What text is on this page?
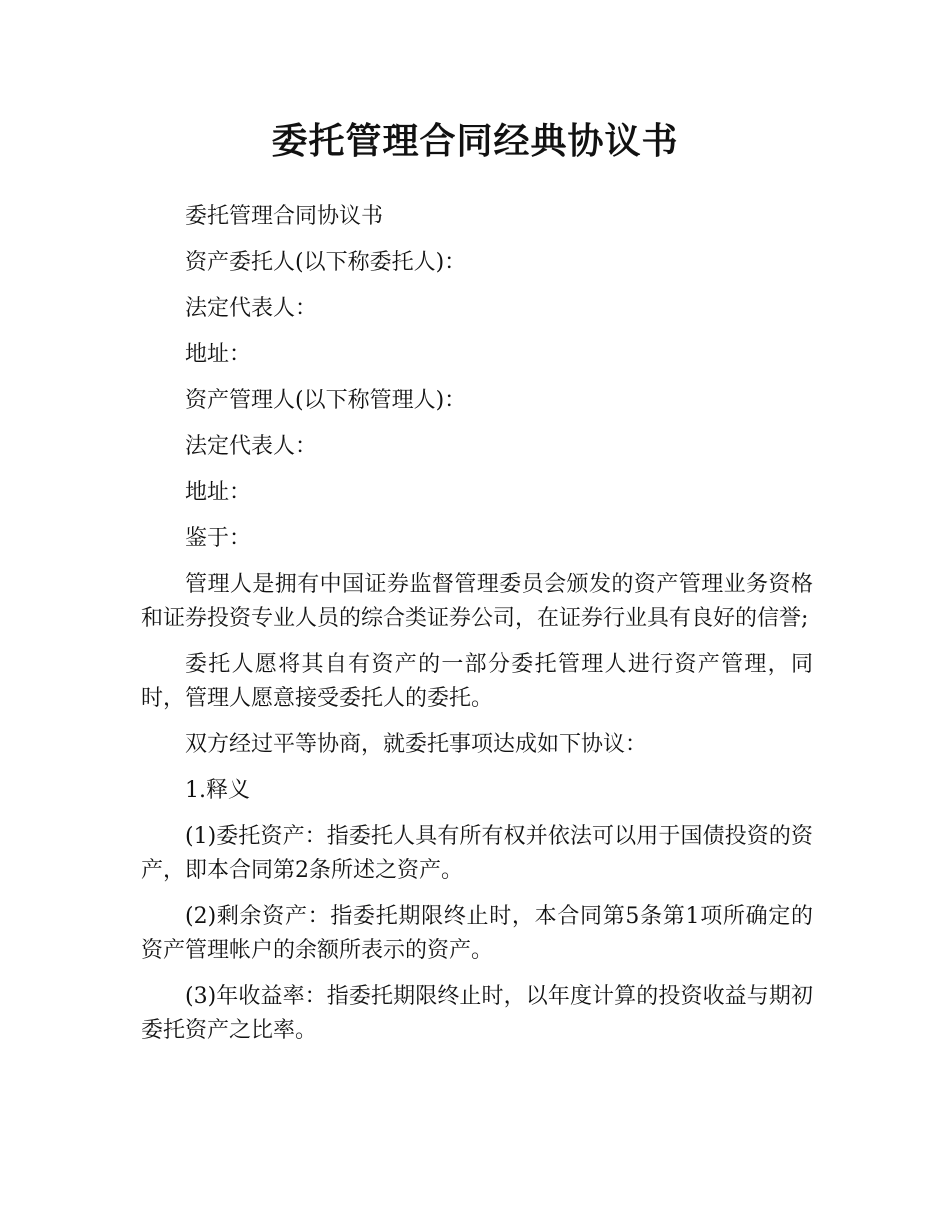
委托管理合同经典协议书

委托管理合同协议书

资产委托人(以下称委托人)：

法定代表人：

地址：

资产管理人(以下称管理人)：

法定代表人：

地址：

鉴于：

管理人是拥有中国证券监督管理委员会颁发的资产管理业务资格和证券投资专业人员的综合类证券公司，在证券行业具有良好的信誉;

委托人愿将其自有资产的一部分委托管理人进行资产管理，同时，管理人愿意接受委托人的委托。

双方经过平等协商，就委托事项达成如下协议：

1.释义

(1)委托资产：指委托人具有所有权并依法可以用于国债投资的资产，即本合同第2条所述之资产。

(2)剩余资产：指委托期限终止时，本合同第5条第1项所确定的资产管理帐户的余额所表示的资产。

(3)年收益率：指委托期限终止时，以年度计算的投资收益与期初委托资产之比率。
